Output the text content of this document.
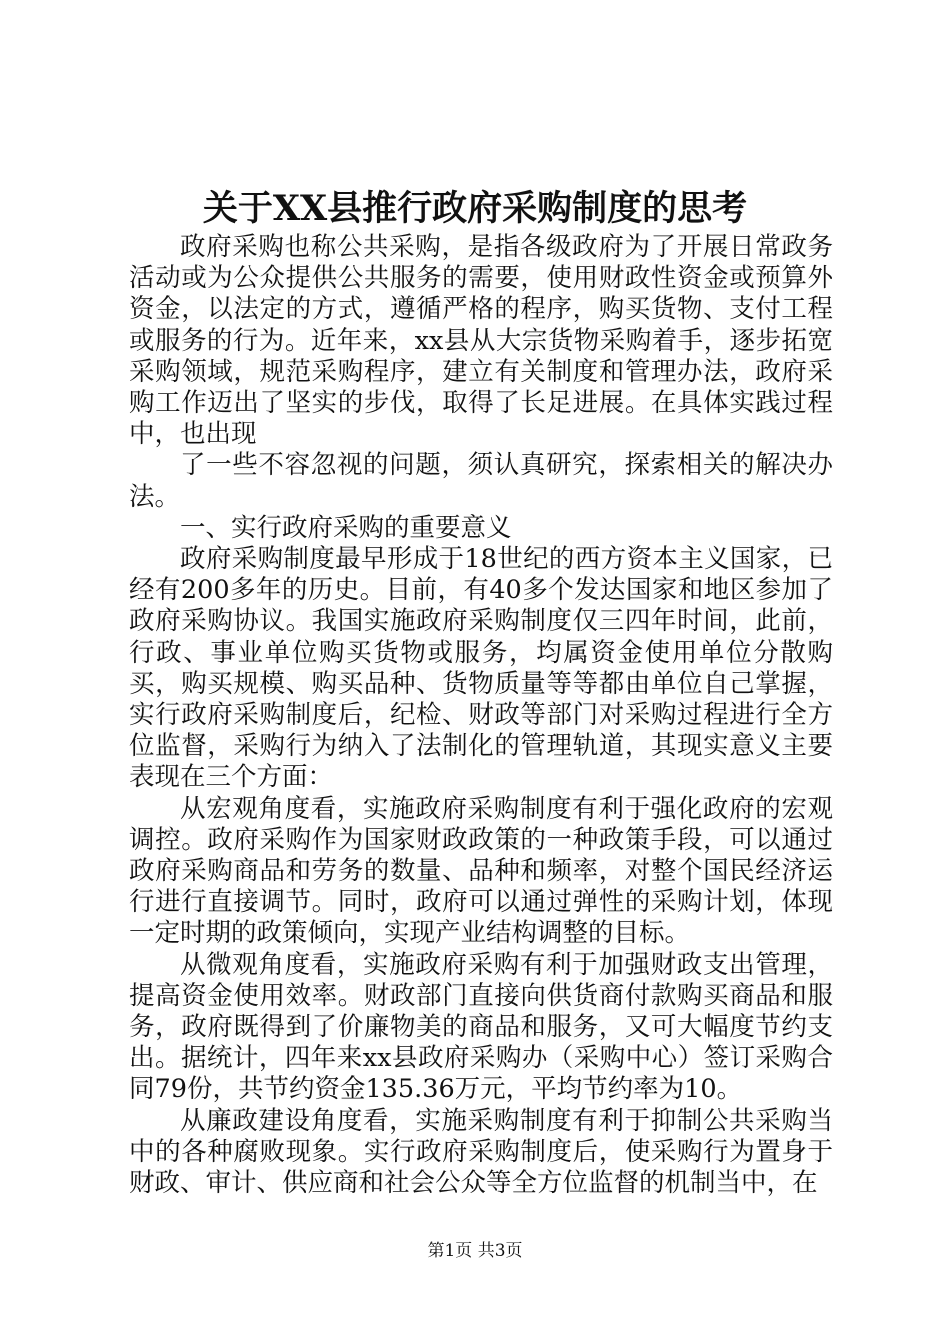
关于XX县推行政府采购制度的思考

政府采购也称公共采购，是指各级政府为了开展日常政务活动或为公众提供公共服务的需要，使用财政性资金或预算外资金，以法定的方式，遵循严格的程序，购买货物、支付工程或服务的行为。近年来，xx县从大宗货物采购着手，逐步拓宽采购领域，规范采购程序，建立有关制度和管理办法，政府采购工作迈出了坚实的步伐，取得了长足进展。在具体实践过程中，也出现

了一些不容忽视的问题，须认真研究，探索相关的解决办法。

一、实行政府采购的重要意义

政府采购制度最早形成于18世纪的西方资本主义国家，已经有200多年的历史。目前，有40多个发达国家和地区参加了政府采购协议。我国实施政府采购制度仅三四年时间，此前，行政、事业单位购买货物或服务，均属资金使用单位分散购买，购买规模、购买品种、货物质量等等都由单位自己掌握，实行政府采购制度后，纪检、财政等部门对采购过程进行全方位监督，采购行为纳入了法制化的管理轨道，其现实意义主要表现在三个方面：

从宏观角度看，实施政府采购制度有利于强化政府的宏观调控。政府采购作为国家财政政策的一种政策手段，可以通过政府采购商品和劳务的数量、品种和频率，对整个国民经济运行进行直接调节。同时，政府可以通过弹性的采购计划，体现一定时期的政策倾向，实现产业结构调整的目标。

从微观角度看，实施政府采购有利于加强财政支出管理，提高资金使用效率。财政部门直接向供货商付款购买商品和服务，政府既得到了价廉物美的商品和服务，又可大幅度节约支出。据统计，四年来xx县政府采购办（采购中心）签订采购合同79份，共节约资金135.36万元，平均节约率为10。

从廉政建设角度看，实施采购制度有利于抑制公共采购当中的各种腐败现象。实行政府采购制度后，使采购行为置身于财政、审计、供应商和社会公众等全方位监督的机制当中，在

第1页 共3页
